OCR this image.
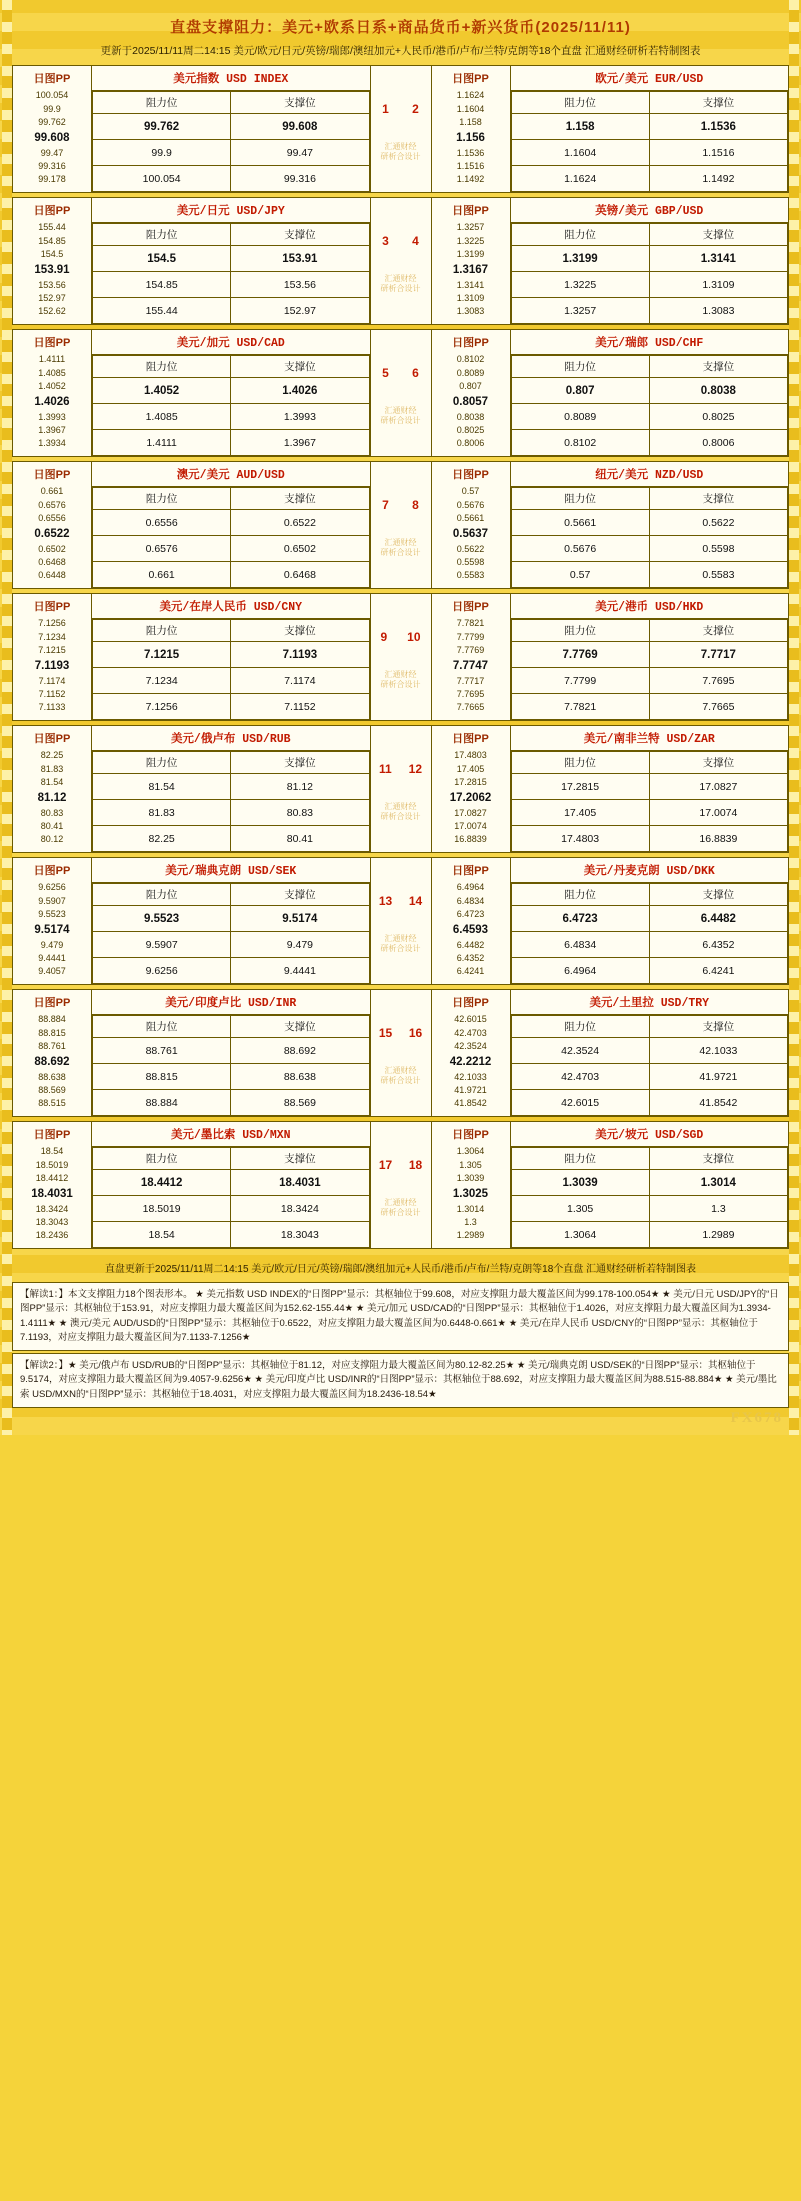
直盘支撑阻力：美元+欧系日系+商品货币+新兴货币(2025/11/11)
更新于2025/11/11周二14:15 美元/欧元/日元/英镑/瑞郎/澳纽加元+人民币/港币/卢布/兰特/克朗等18个直盘 汇通财经研析若特制图表
日图PP
100.054
99.9
99.762
99.608
99.47
99.316
99.178

美元指数 USD INDEX
阻力位	支撑位
99.762	99.608
99.9	99.47
100.054	99.316

1 2
汇通财经
研析合设计

日图PP
1.1624
1.1604
1.158
1.156
1.1536
1.1516
1.1492

欧元/美元 EUR/USD
阻力位	支撑位
1.158	1.1536
1.1604	1.1516
1.1624	1.1492
日图PP
155.44
154.85
154.5
153.91
153.56
152.97
152.62

美元/日元 USD/JPY
阻力位	支撑位
154.5	153.91
154.85	153.56
155.44	152.97

3 4
汇通财经
研析合设计

日图PP
1.3257
1.3225
1.3199
1.3167
1.3141
1.3109
1.3083

英镑/美元 GBP/USD
阻力位	支撑位
1.3199	1.3141
1.3225	1.3109
1.3257	1.3083
日图PP
1.4111
1.4085
1.4052
1.4026
1.3993
1.3967
1.3934

美元/加元 USD/CAD
阻力位	支撑位
1.4052	1.4026
1.4085	1.3993
1.4111	1.3967

5 6
汇通财经
研析合设计

日图PP
0.8102
0.8089
0.807
0.8057
0.8038
0.8025
0.8006

美元/瑞郎 USD/CHF
阻力位	支撑位
0.807	0.8038
0.8089	0.8025
0.8102	0.8006
日图PP
0.661
0.6576
0.6556
0.6522
0.6502
0.6468
0.6448

澳元/美元 AUD/USD
阻力位	支撑位
0.6556	0.6522
0.6576	0.6502
0.661	0.6468

7 8
汇通财经
研析合设计

日图PP
0.57
0.5676
0.5661
0.5637
0.5622
0.5598
0.5583

纽元/美元 NZD/USD
阻力位	支撑位
0.5661	0.5622
0.5676	0.5598
0.57	0.5583
日图PP
7.1256
7.1234
7.1215
7.1193
7.1174
7.1152
7.1133

美元/在岸人民币 USD/CNY
阻力位	支撑位
7.1215	7.1193
7.1234	7.1174
7.1256	7.1152

9 10
汇通财经
研析合设计

日图PP
7.7821
7.7799
7.7769
7.7747
7.7717
7.7695
7.7665

美元/港币 USD/HKD
阻力位	支撑位
7.7769	7.7717
7.7799	7.7695
7.7821	7.7665
日图PP
82.25
81.83
81.54
81.12
80.83
80.41
80.12

美元/俄卢布 USD/RUB
阻力位	支撑位
81.54	81.12
81.83	80.83
82.25	80.41

11 12
汇通财经
研析合设计

日图PP
17.4803
17.405
17.2815
17.2062
17.0827
17.0074
16.8839

美元/南非兰特 USD/ZAR
阻力位	支撑位
17.2815	17.0827
17.405	17.0074
17.4803	16.8839
日图PP
9.6256
9.5907
9.5523
9.5174
9.479
9.4441
9.4057

美元/瑞典克朗 USD/SEK
阻力位	支撑位
9.5523	9.5174
9.5907	9.479
9.6256	9.4441

13 14
汇通财经
研析合设计

日图PP
6.4964
6.4834
6.4723
6.4593
6.4482
6.4352
6.4241

美元/丹麦克朗 USD/DKK
阻力位	支撑位
6.4723	6.4482
6.4834	6.4352
6.4964	6.4241
日图PP
88.884
88.815
88.761
88.692
88.638
88.569
88.515

美元/印度卢比 USD/INR
阻力位	支撑位
88.761	88.692
88.815	88.638
88.884	88.569

15 16
汇通财经
研析合设计

日图PP
42.6015
42.4703
42.3524
42.2212
42.1033
41.9721
41.8542

美元/土里拉 USD/TRY
阻力位	支撑位
42.3524	42.1033
42.4703	41.9721
42.6015	41.8542
日图PP
18.54
18.5019
18.4412
18.4031
18.3424
18.3043
18.2436

美元/墨比索 USD/MXN
阻力位	支撑位
18.4412	18.4031
18.5019	18.3424
18.54	18.3043

17 18
汇通财经
研析合设计

日图PP
1.3064
1.305
1.3039
1.3025
1.3014
1.3
1.2989

美元/坡元 USD/SGD
阻力位	支撑位
1.3039	1.3014
1.305	1.3
1.3064	1.2989
直盘更新于2025/11/11周二14:15 美元/欧元/日元/英镑/瑞郎/澳纽加元+人民币/港币/卢布/兰特/克朗等18个直盘 汇通财经研析若特制图表
【解读1：】本文支撑阻力18个图表形本。 ★ 美元指数 USD INDEX的“日图PP”显示：其枢轴位于99.608，对应支撑阻力最大覆盖区间为99.178-100.054★ ★ 美元/日元 USD/JPY的“日图PP”显示：其枢轴位于153.91，对应支撑阻力最大覆盖区间为152.62-155.44★ ★ 美元/加元 USD/CAD的“日图PP”显示：其枢轴位于1.4026，对应支撑阻力最大覆盖区间为1.3934-1.4111★ ★ 澳元/美元 AUD/USD的“日图PP”显示：其枢轴位于0.6522，对应支撑阻力最大覆盖区间为0.6448-0.661★ ★ 美元/在岸人民币 USD/CNY的“日图PP”显示：其枢轴位于7.1193，对应支撑阻力最大覆盖区间为7.1133-7.1256★
【解读2：】★ 美元/俄卢布 USD/RUB的“日图PP”显示：其枢轴位于81.12，对应支撑阻力最大覆盖区间为80.12-82.25★ ★ 美元/瑞典克朗 USD/SEK的“日图PP”显示：其枢轴位于9.5174，对应支撑阻力最大覆盖区间为9.4057-9.6256★ ★ 美元/印度卢比 USD/INR的“日图PP”显示：其枢轴位于88.692，对应支撑阻力最大覆盖区间为88.515-88.884★ ★ 美元/墨比索 USD/MXN的“日图PP”显示：其枢轴位于18.4031，对应支撑阻力最大覆盖区间为18.2436-18.54★
FX678
